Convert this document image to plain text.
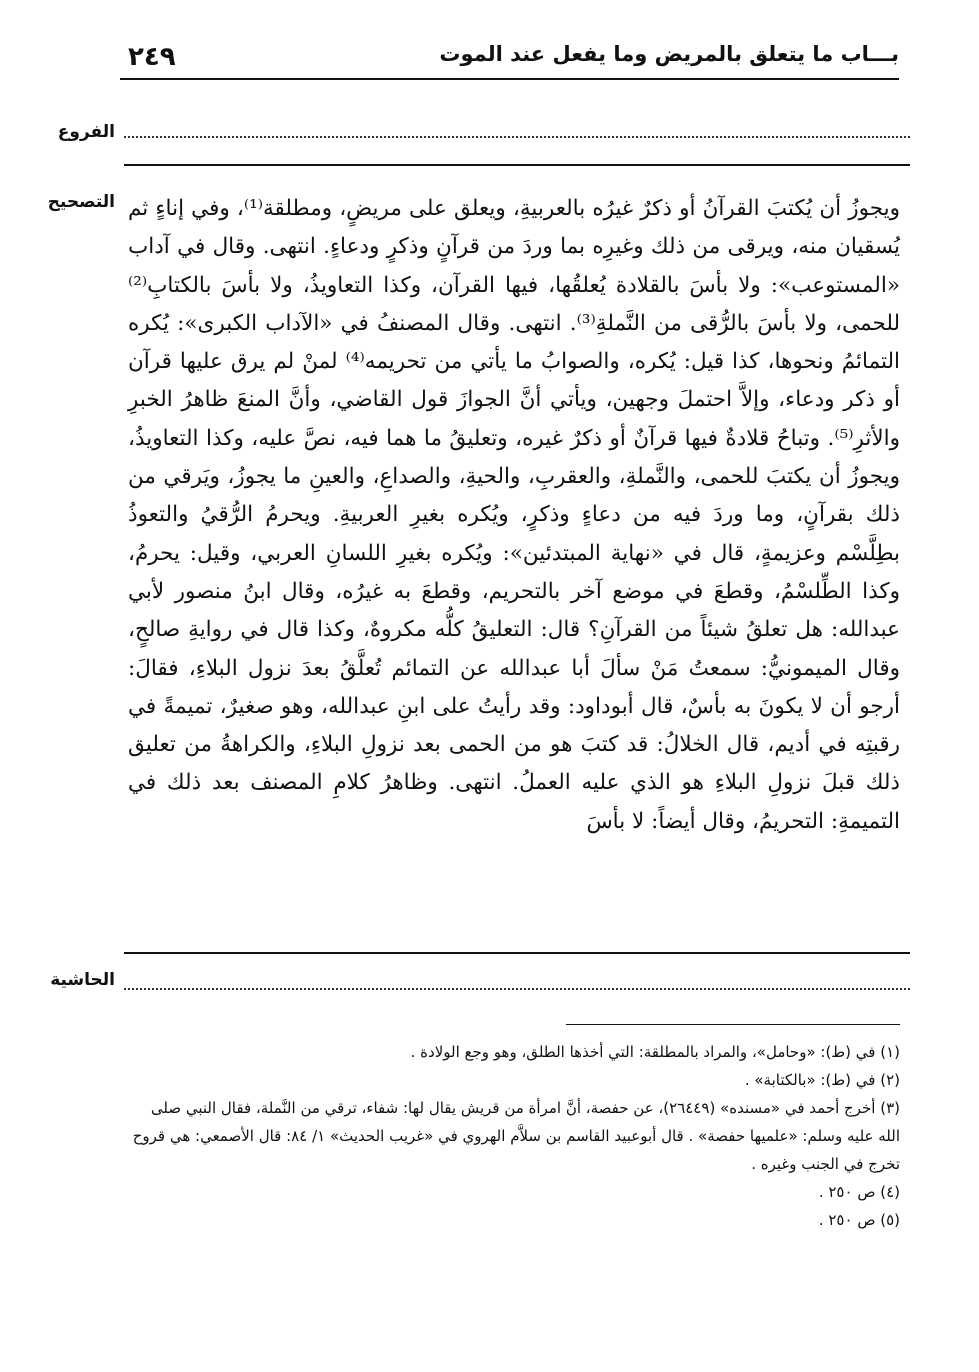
٢٤٩	بـــاب ما يتعلق بالمريض وما يفعل عند الموت
الفروع
التصحيح ويجوزُ أن يُكتبَ القرآنُ أو ذكرٌ غيرُه بالعربيةِ، ويعلق على مريضٍ، ومطلقة⁽¹⁾، وفي إناءٍ ثم يُسقيان منه، ويرقى من ذلك وغيرِه بما وردَ من قرآنٍ وذكرٍ ودعاءٍ. انتهى. وقال في آداب «المستوعب»: ولا بأسَ بالقلادة يُعلقُها، فيها القرآن، وكذا التعاويذُ، ولا بأسَ بالكتابِ⁽²⁾ للحمى، ولا بأسَ بالرُّقى من النَّملةِ⁽³⁾. انتهى. وقال المصنفُ في «الآداب الكبرى»: يُكره التمائمُ ونحوها، كذا قيل: يُكره، والصوابُ ما يأتي من تحريمه⁽⁴⁾ لمنْ لم يرق عليها قرآن أو ذكر ودعاء، وإلاَّ احتملَ وجهين، ويأتي أنَّ الجوازَ قول القاضي، وأنَّ المنعَ ظاهرُ الخبرِ والأثرِ⁽⁵⁾. وتباحُ قلادةٌ فيها قرآنٌ أو ذكرٌ غيره، وتعليقُ ما هما فيه، نصَّ عليه، وكذا التعاويذُ، ويجوزُ أن يكتبَ للحمى، والنَّملةِ، والعقربِ، والحيةِ، والصداعِ، والعينِ ما يجوزُ، ويَرقي من ذلك بقرآنٍ، وما وردَ فيه من دعاءٍ وذكرٍ، ويُكره بغيرِ العربيةِ. ويحرمُ الرُّقيُ والتعوذُ بطِلَّسْم وعزيمةٍ، قال في «نهاية المبتدئين»: ويُكره بغيرِ اللسانِ العربي، وقيل: يحرمُ، وكذا الطِّلسْمُ، وقطعَ في موضع آخر بالتحريم، وقطعَ به غيرُه، وقال ابنُ منصور لأبي عبدالله: هل تعلقُ شيئاً من القرآنِ؟ قال: التعليقُ كلُّه مكروهٌ، وكذا قال في روايةِ صالحٍ، وقال الميمونيُّ: سمعتُ مَنْ سألَ أبا عبدالله عن التمائم تُعلَّقُ بعدَ نزول البلاءِ، فقالَ: أرجو أن لا يكونَ به بأسٌ، قال أبوداود: وقد رأيتُ على ابنِ عبدالله، وهو صغيرٌ، تميمةً في رقبتِه في أديم، قال الخلالُ: قد كتبَ هو من الحمى بعد نزولِ البلاءِ، والكراهةُ من تعليق ذلك قبلَ نزولِ البلاءِ هو الذي عليه العملُ. انتهى. وظاهرُ كلامِ المصنف بعد ذلك في التميمةِ: التحريمُ، وقال أيضاً: لا بأسَ

الحاشية
(١) في (ط): «وحامل»، والمراد بالمطلقة: التي أخذها الطلق، وهو وجع الولادة .
(٢) في (ط): «بالكتابة» .
(٣) أخرج أحمد في «مسنده» (٢٦٤٤٩)، عن حفصة، أنَّ امرأة من قريش يقال لها: شفاء، ترقي من النَّملة، فقال النبي صلى الله عليه وسلم: «علميها حفصة» . قال أبوعبيد القاسم بن سلاَّم الهروي في «غريب الحديث» ١/ ٨٤: قال الأصمعي: هي قروح تخرج في الجنب وغيره .
(٤) ص ٢٥٠ .
(٥) ص ٢٥٠ .
